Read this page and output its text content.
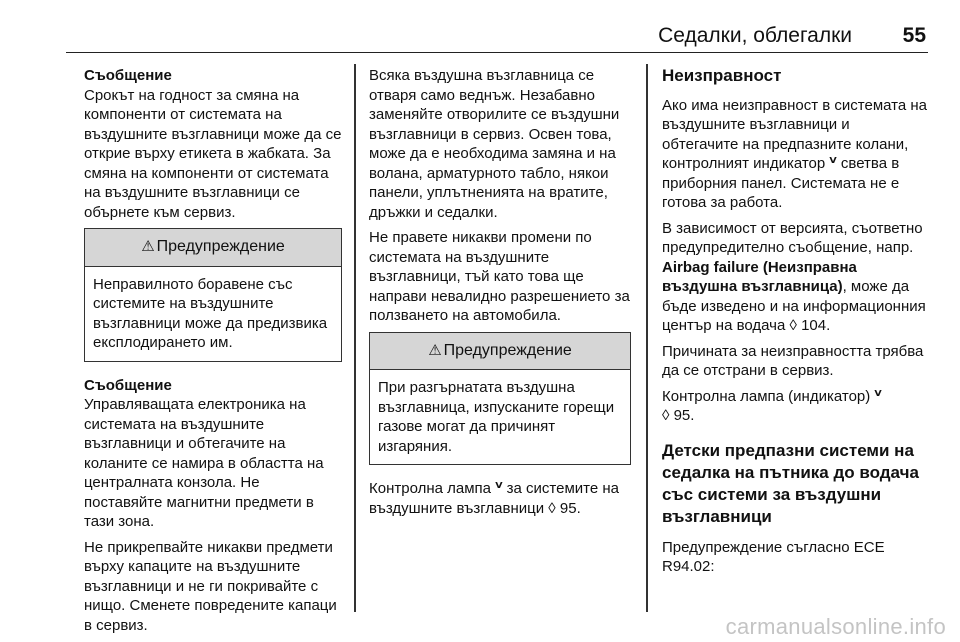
Седалки, облегалки 55

Съобщение

Срокът на годност за смяна на компоненти от системата на въздушните възглавници може да се открие върху етикета в жабката. За смяна на компоненти от системата на въздушните възглавници се обърнете към сервиз.

⚠ Предупреждение
Неправилното боравене със системите на въздушните възглавници може да предизвика експлодирането им.

Съобщение

Управляващата електроника на системата на въздушните възглавници и обтегачите на коланите се намира в областта на централната конзола. Не поставяйте магнитни предмети в тази зона.

Не прикрепвайте никакви предмети върху капаците на въздушните възглавници и не ги покривайте с нищо. Сменете повредените капаци в сервиз.

Всяка въздушна възглавница се отваря само веднъж. Незабавно заменяйте отворилите се въздушни възглавници в сервиз. Освен това, може да е необходима замяна и на волана, арматурното табло, някои панели, уплътненията на вратите, дръжки и седалки.

Не правете никакви промени по системата на въздушните възглавници, тъй като това ще направи невалидно разрешението за ползването на автомобила.

⚠ Предупреждение
При разгърнатата въздушна възглавница, изпусканите горещи газове могат да причинят изгаряния.

Контролна лампа ⱽ за системите на въздушните възглавници ◊ 95.

Неизправност

Ако има неизправност в системата на въздушните възглавници и обтегачите на предпазните колани, контролният индикатор ⱽ светва в приборния панел. Системата не е готова за работа.

В зависимост от версията, съответно предупредително съобщение, напр. Airbag failure (Неизправна въздушна възглавница), може да бъде изведено и на информационния център на водача ◊ 104.

Причината за неизправността трябва да се отстрани в сервиз.

Контролна лампа (индикатор) ⱽ
◊ 95.

Детски предпазни системи на седалка на пътника до водача със системи за въздушни възглавници

Предупреждение съгласно ECE R94.02:

carmanualsonline.info
